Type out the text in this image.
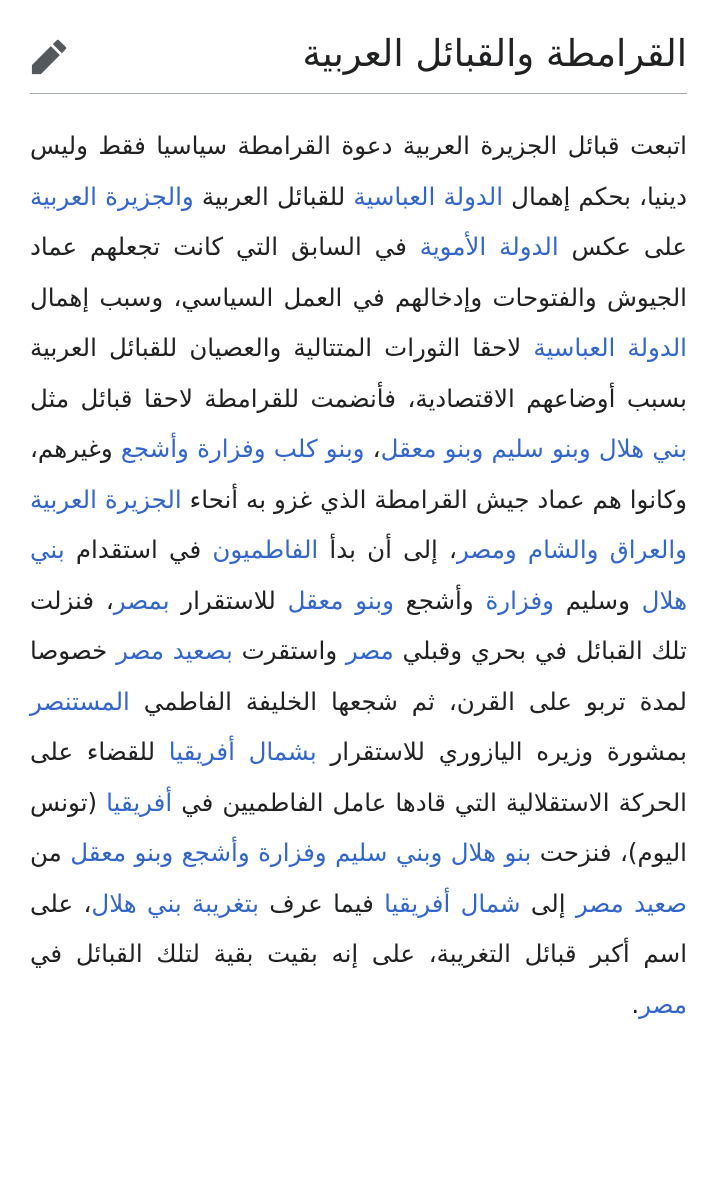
القرامطة والقبائل العربية

اتبعت قبائل الجزيرة العربية دعوة القرامطة سياسيا فقط وليس دينيا، بحكم إهمال الدولة العباسية للقبائل العربية والجزيرة العربية على عكس الدولة الأموية في السابق التي كانت تجعلهم عماد الجيوش والفتوحات وإدخالهم في العمل السياسي، وسبب إهمال الدولة العباسية لاحقا الثورات المتتالية والعصيان للقبائل العربية بسبب أوضاعهم الاقتصادية، فأنضمت للقرامطة لاحقا قبائل مثل بني هلال وبنو سليم وبنو معقل، وبنو كلب وفزارة وأشجع وغيرهم، وكانوا هم عماد جيش القرامطة الذي غزو به أنحاء الجزيرة العربية والعراق والشام ومصر، إلى أن بدأ الفاطميون في استقدام بني هلال وسليم وفزارة وأشجع وبنو معقل للاستقرار بمصر، فنزلت تلك القبائل في بحري وقبلي مصر واستقرت بصعيد مصر خصوصا لمدة تربو على القرن، ثم شجعها الخليفة الفاطمي المستنصر بمشورة وزيره اليازوري للاستقرار بشمال أفريقيا للقضاء على الحركة الاستقلالية التي قادها عامل الفاطميين في أفريقيا (تونس اليوم)، فنزحت بنو هلال وبني سليم وفزارة وأشجع وبنو معقل من صعيد مصر إلى شمال أفريقيا فيما عرف بتغريبة بني هلال، على اسم أكبر قبائل التغريبة، على إنه بقيت بقية لتلك القبائل في مصر.
